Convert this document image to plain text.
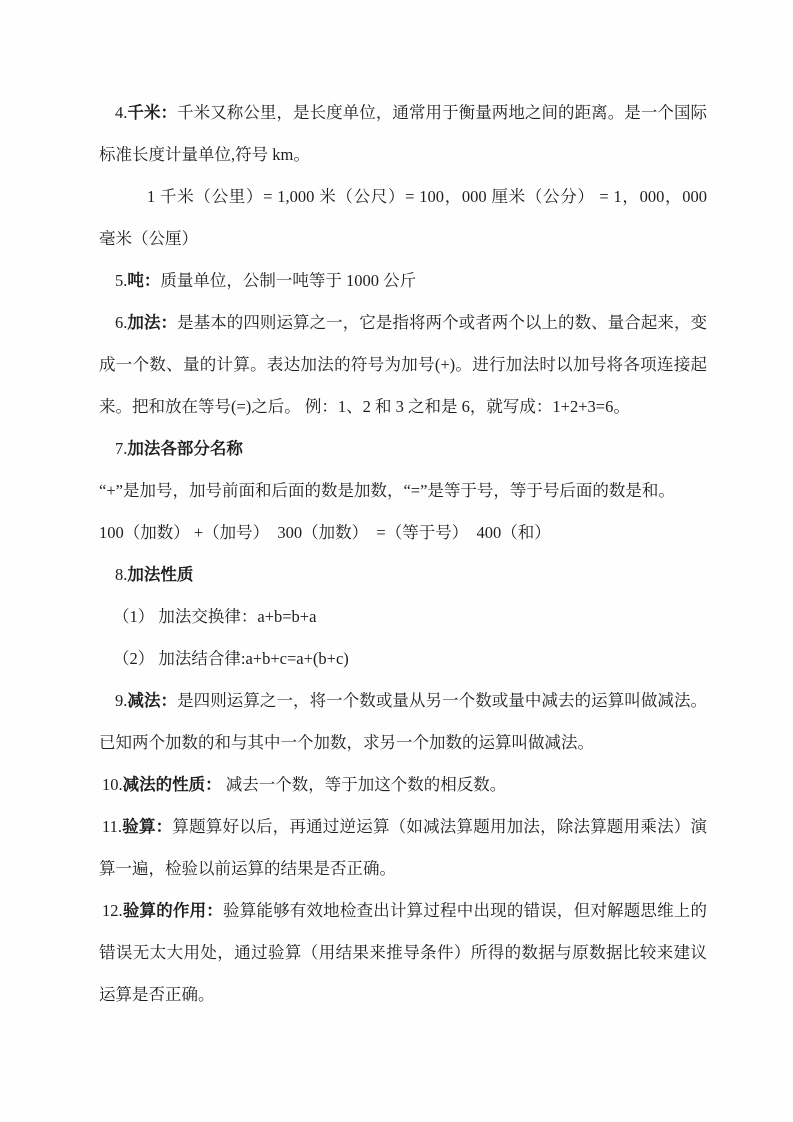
4.千米：千米又称公里，是长度单位，通常用于衡量两地之间的距离。是一个国际标准长度计量单位,符号 km。

1 千米（公里）= 1,000 米（公尺）= 100，000 厘米（公分） = 1，000，000 毫米（公厘）

5.吨：质量单位，公制一吨等于 1000 公斤

6.加法：是基本的四则运算之一，它是指将两个或者两个以上的数、量合起来，变成一个数、量的计算。表达加法的符号为加号(+)。进行加法时以加号将各项连接起来。把和放在等号(=)之后。 例：1、2 和 3 之和是 6，就写成：1+2+3=6。

7.加法各部分名称

“+”是加号，加号前面和后面的数是加数，“=”是等于号，等于号后面的数是和。

100（加数） +（加号）  300（加数）  =（等于号）  400（和）

8.加法性质

（1） 加法交换律：a+b=b+a

（2） 加法结合律:a+b+c=a+(b+c)

9.减法：是四则运算之一，将一个数或量从另一个数或量中减去的运算叫做减法。已知两个加数的和与其中一个加数，求另一个加数的运算叫做减法。

10.减法的性质： 减去一个数，等于加这个数的相反数。

11.验算：算题算好以后，再通过逆运算（如减法算题用加法，除法算题用乘法）演算一遍，检验以前运算的结果是否正确。

12.验算的作用：验算能够有效地检查出计算过程中出现的错误，但对解题思维上的错误无太大用处，通过验算（用结果来推导条件）所得的数据与原数据比较来建议运算是否正确。
